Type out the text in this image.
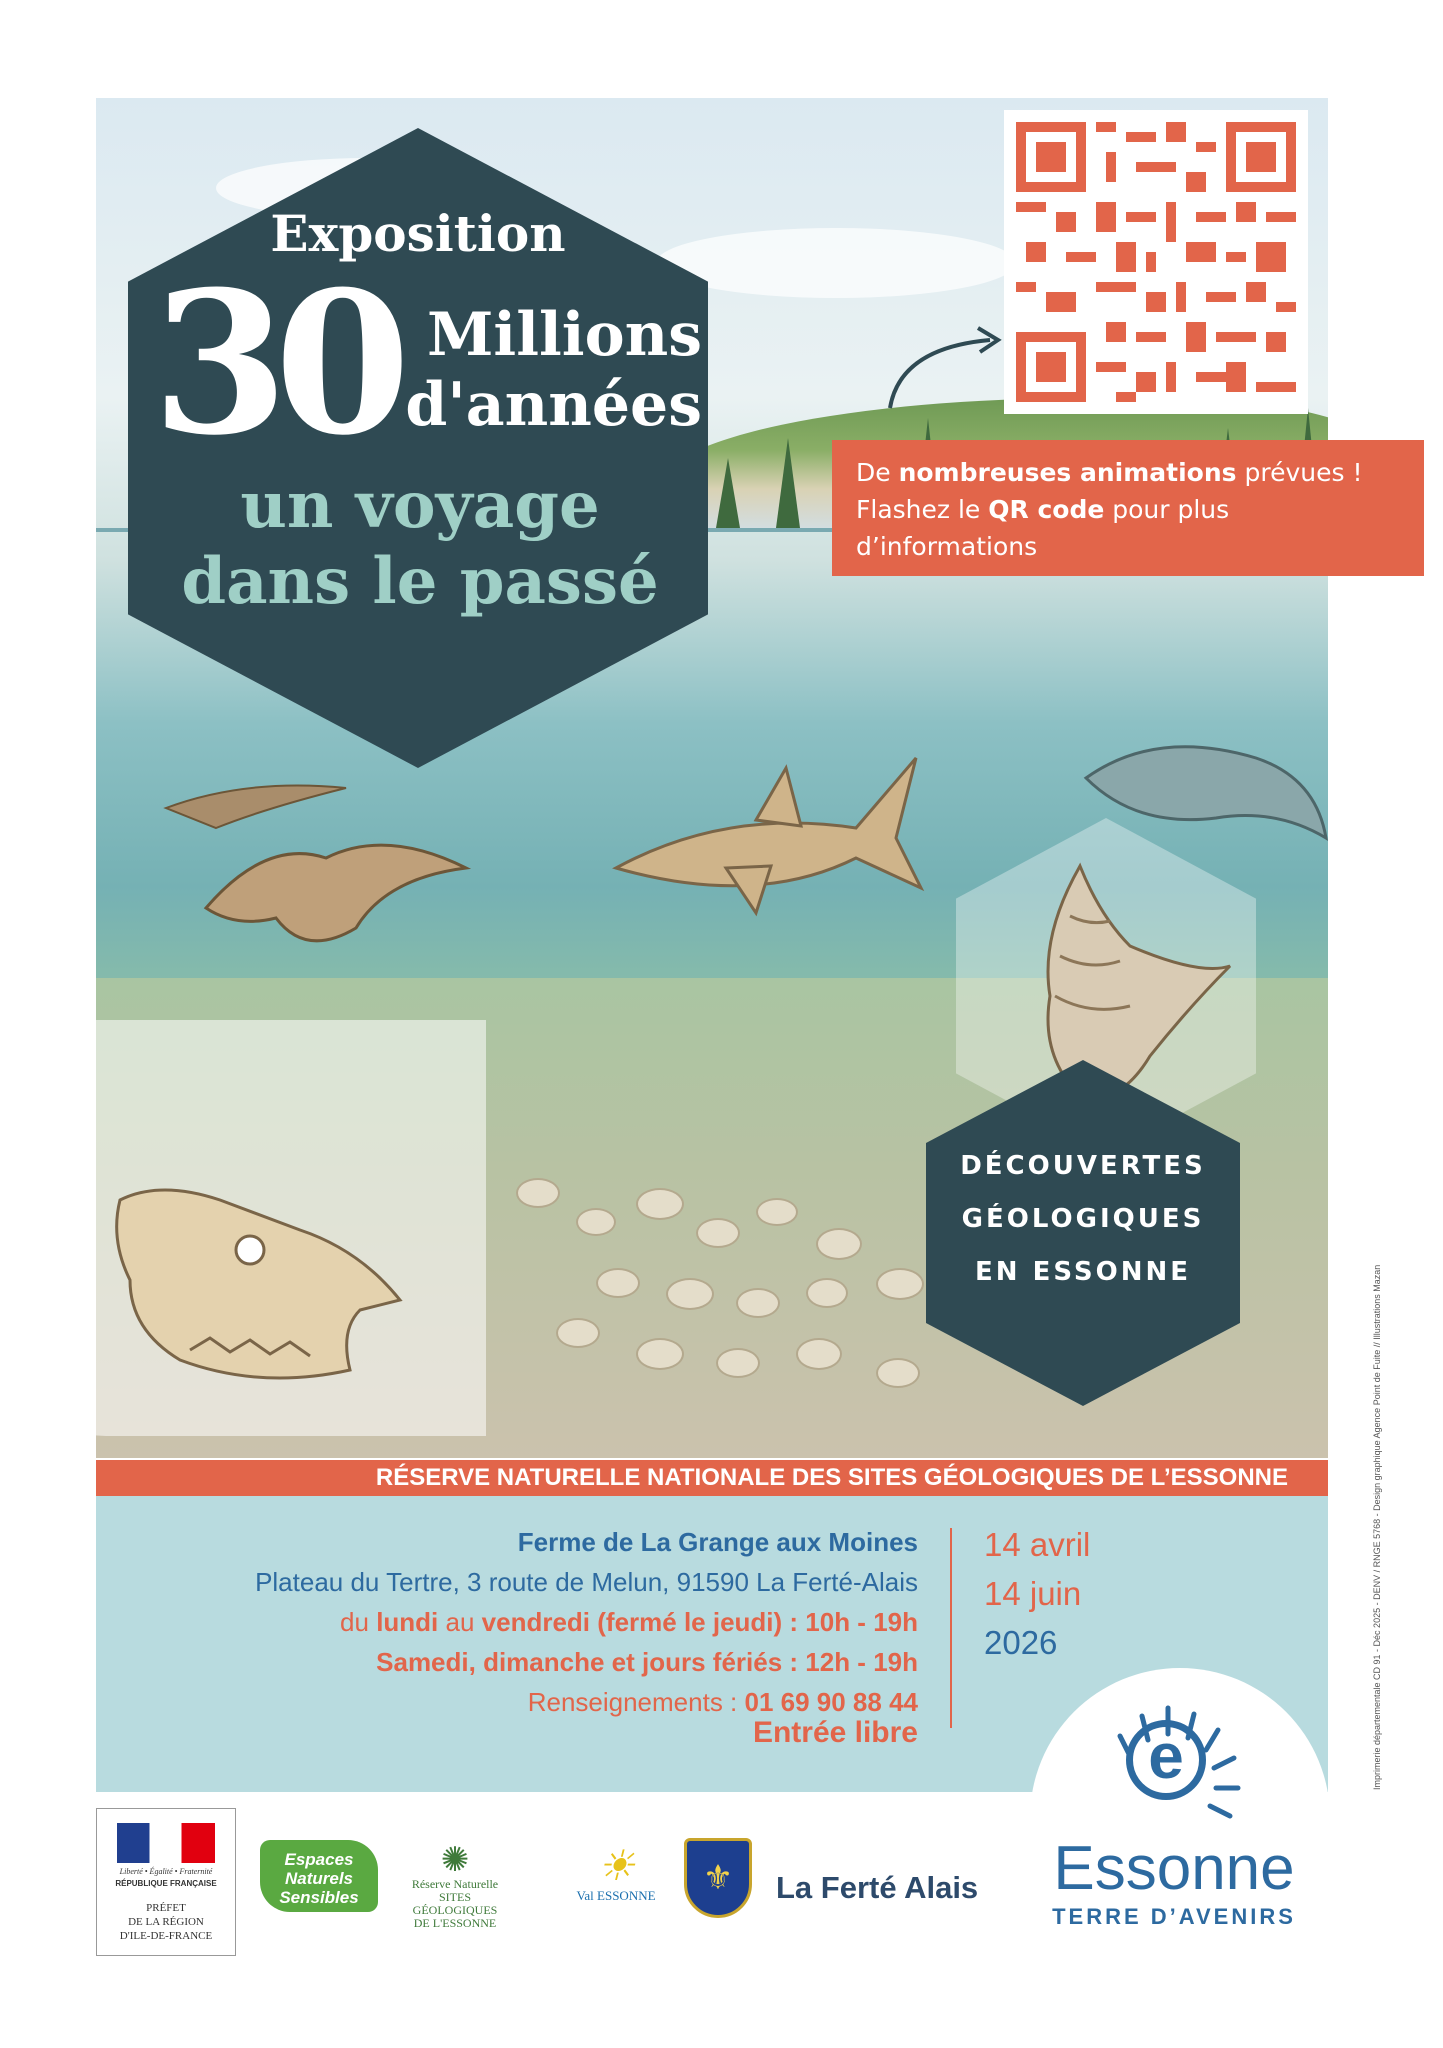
Exposition
30 Millions
d'années
un voyage
dans le passé
De nombreuses animations prévues !
Flashez le QR code pour plus
d’informations
DÉCOUVERTES
GÉOLOGIQUES
EN ESSONNE
RÉSERVE NATURELLE NATIONALE DES SITES GÉOLOGIQUES DE L’ESSONNE
Ferme de La Grange aux Moines
Plateau du Tertre, 3 route de Melun, 91590 La Ferté-Alais
du lundi au vendredi (fermé le jeudi) : 10h - 19h
Samedi, dimanche et jours fériés : 12h - 19h
Renseignements : 01 69 90 88 44
Entrée libre
14 avril
14 juin
2026
e
Essonne
TERRE D’AVENIRS
Liberté • Égalité • Fraternité
RÉPUBLIQUE FRANÇAISE
PRÉFET
DE LA RÉGION
D'ILE-DE-FRANCE
Espaces
Naturels
Sensibles
✺
Réserve Naturelle
SITES GÉOLOGIQUES
DE L'ESSONNE
☀
Val ESSONNE	⚜	La Ferté Alais
Imprimerie départementale CD 91 - Déc 2025 - DENV / RNGE 5768 - Design graphique Agence Point de Fuite // Illustrations Mazan
